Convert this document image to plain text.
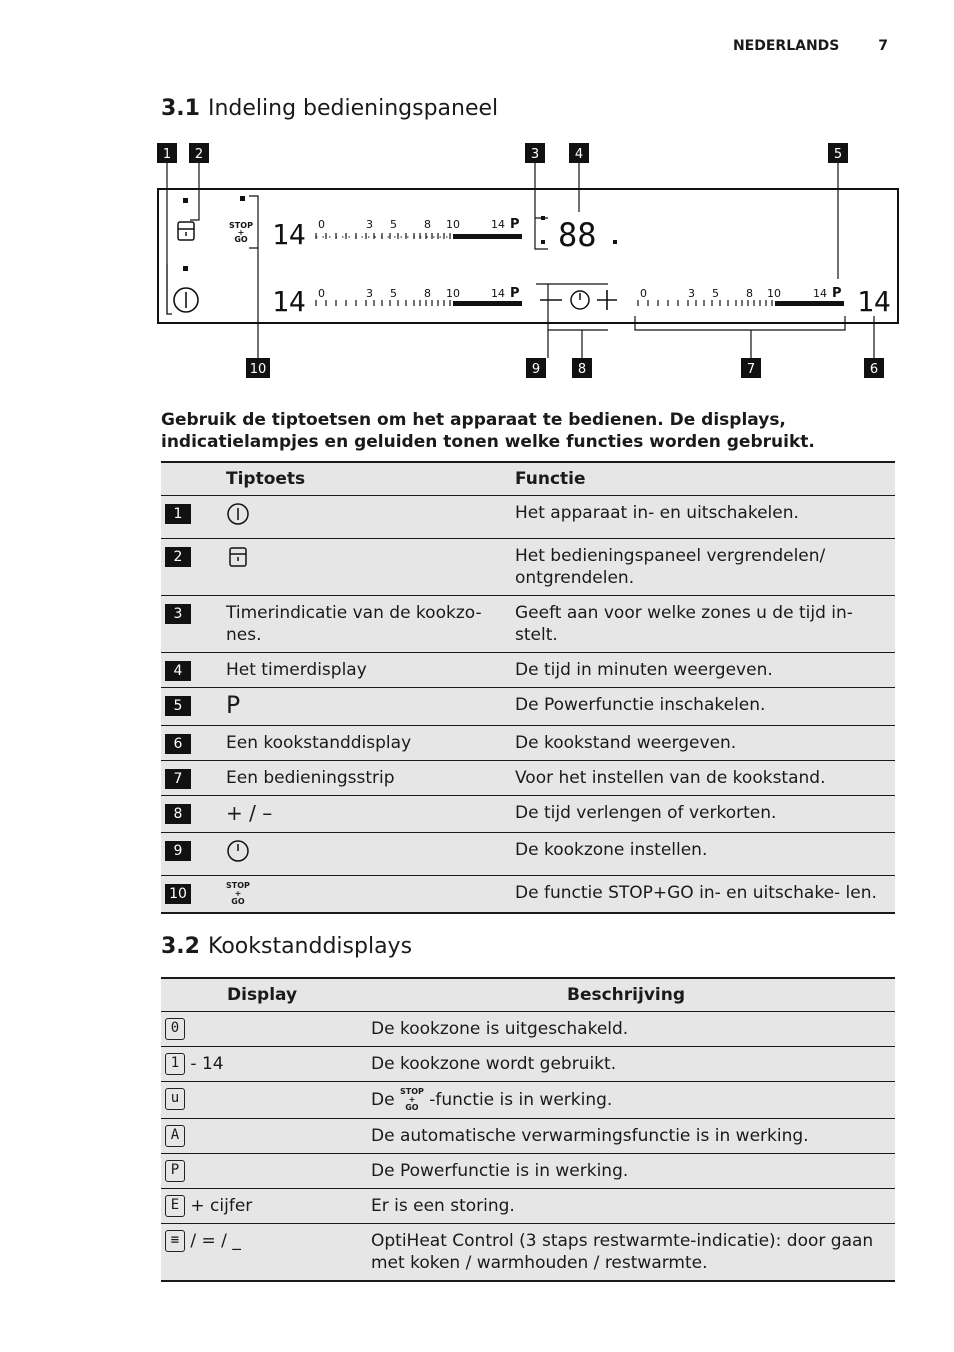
NEDERLANDS	7
3.1 Indeling bedieningspaneel
1 2	3	4	5
10	9	8	7	6
STOP
+
GO 14 0	3 5 8 10	14 P 88
14 0	3 5 8 10	14 P	0	3 5 8 10	14 P 14

Gebruik de tiptoetsen om het apparaat te bedienen. De displays, indicatielampjes en geluiden tonen welke functies worden gebruikt.

	Tiptoets	Functie
1		Het apparaat in- en uitschakelen.
2		Het bedieningspaneel vergrendelen/ ontgrendelen.
3	Timerindicatie van de kookzo- nes.	Geeft aan voor welke zones u de tijd in- stelt.
4	Het timerdisplay	De tijd in minuten weergeven.
5	P	De Powerfunctie inschakelen.
6	Een kookstanddisplay	De kookstand weergeven.
7	Een bedieningsstrip	Voor het instellen van de kookstand.
8	+ / –	De tijd verlengen of verkorten.
9		De kookzone instellen.
10	STOP
+
GO	De functie STOP+GO in- en uitschake- len.
3.2 Kookstanddisplays
Display	Beschrijving
0	De kookzone is uitgeschakeld.
1 - 14	De kookzone wordt gebruikt.
u	De STOP
+
GO -functie is in werking.
A	De automatische verwarmingsfunctie is in werking.
P	De Powerfunctie is in werking.
E + cijfer	Er is een storing.
≡ / = / _	OptiHeat Control (3 staps restwarmte-indicatie): door gaan met koken / warmhouden / restwarmte.
